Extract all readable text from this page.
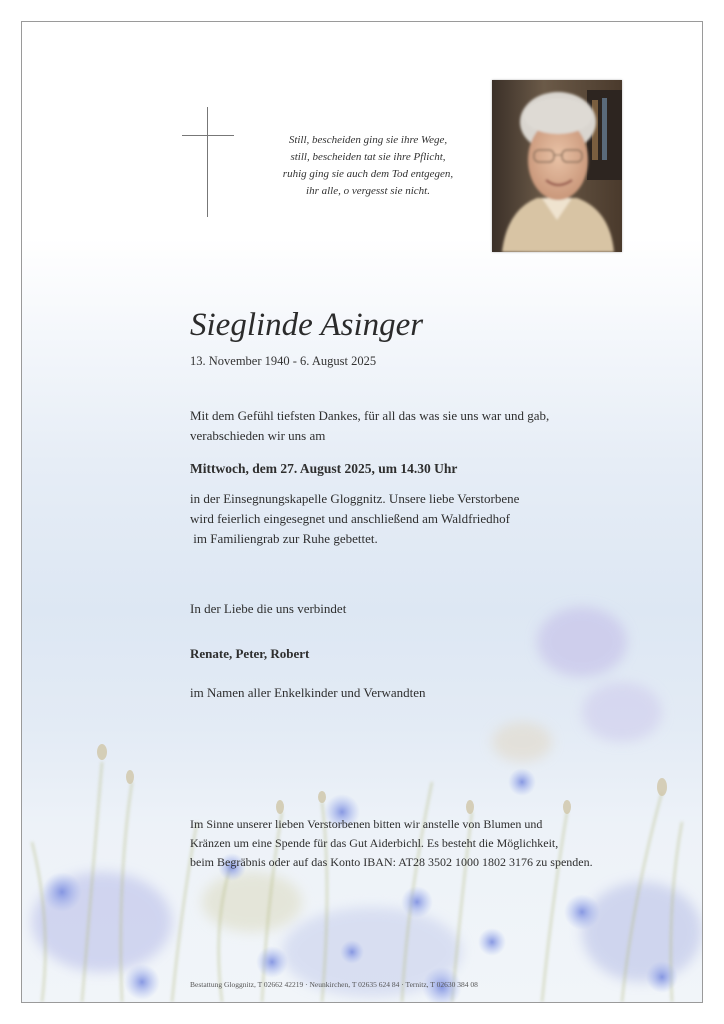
Still, bescheiden ging sie ihre Wege,
still, bescheiden tat sie ihre Pflicht,
ruhig ging sie auch dem Tod entgegen,
ihr alle, o vergesst sie nicht.
Sieglinde Asinger
13. November 1940 - 6. August 2025
Mit dem Gefühl tiefsten Dankes, für all das was sie uns war und gab,
verabschieden wir uns am
Mittwoch, dem 27. August 2025, um 14.30 Uhr
in der Einsegnungskapelle Gloggnitz. Unsere liebe Verstorbene
wird feierlich eingesegnet und anschließend am Waldfriedhof
im Familiengrab zur Ruhe gebettet.
In der Liebe die uns verbindet
Renate, Peter, Robert
im Namen aller Enkelkinder und Verwandten
Im Sinne unserer lieben Verstorbenen bitten wir anstelle von Blumen und
Kränzen um eine Spende für das Gut Aiderbichl. Es besteht die Möglichkeit,
beim Begräbnis oder auf das Konto IBAN: AT28 3502 1000 1802 3176 zu spenden.
Bestattung Gloggnitz, T 02662 42219 · Neunkirchen, T 02635 624 84 · Ternitz, T 02630 384 08
